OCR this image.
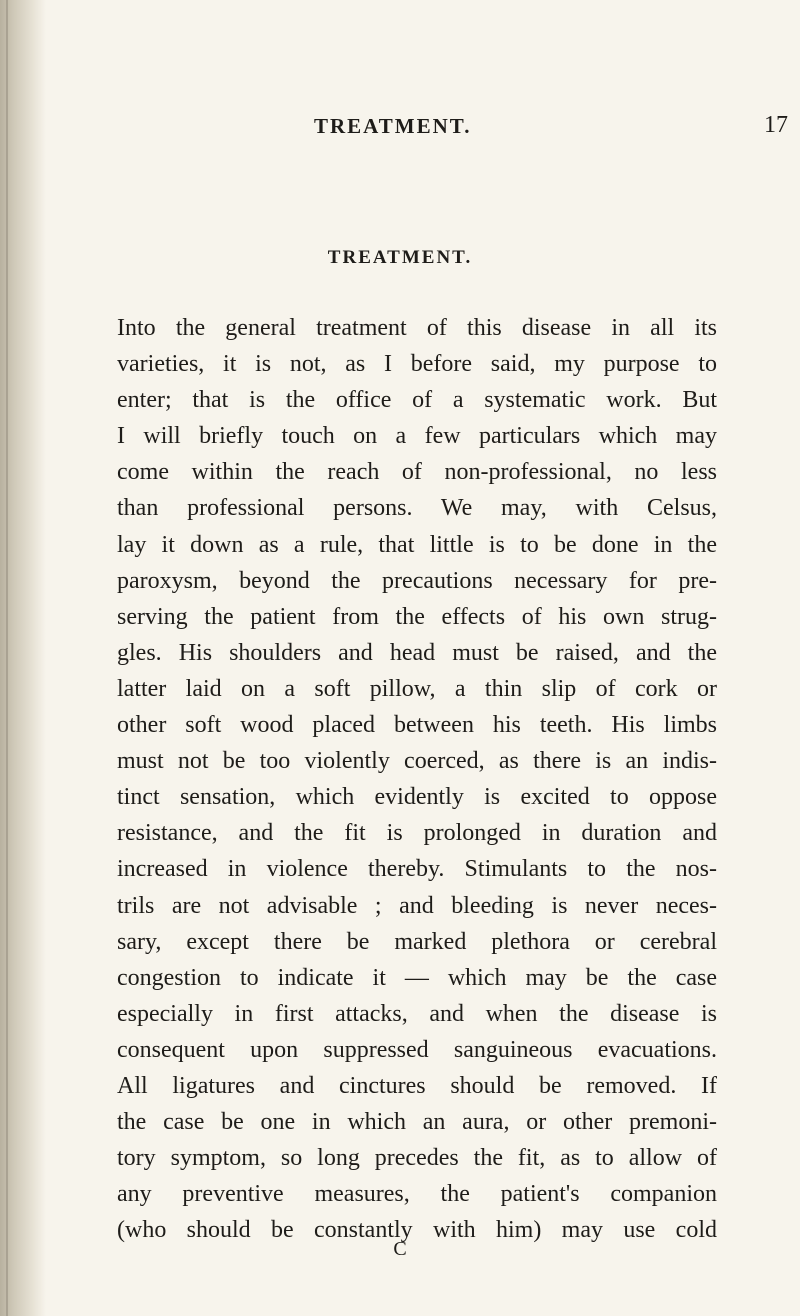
TREATMENT.	17
TREATMENT.
Into the general treatment of this disease in all its
varieties, it is not, as I before said, my purpose to
enter; that is the office of a systematic work. But
I will briefly touch on a few particulars which may
come within the reach of non-professional, no less
than professional persons. We may, with Celsus,
lay it down as a rule, that little is to be done in the
paroxysm, beyond the precautions necessary for pre-
serving the patient from the effects of his own strug-
gles. His shoulders and head must be raised, and the
latter laid on a soft pillow, a thin slip of cork or
other soft wood placed between his teeth. His limbs
must not be too violently coerced, as there is an indis-
tinct sensation, which evidently is excited to oppose
resistance, and the fit is prolonged in duration and
increased in violence thereby. Stimulants to the nos-
trils are not advisable ; and bleeding is never neces-
sary, except there be marked plethora or cerebral
congestion to indicate it — which may be the case
especially in first attacks, and when the disease is
consequent upon suppressed sanguineous evacuations.
All ligatures and cinctures should be removed. If
the case be one in which an aura, or other premoni-
tory symptom, so long precedes the fit, as to allow of
any preventive measures, the patient's companion
(who should be constantly with him) may use cold
C
